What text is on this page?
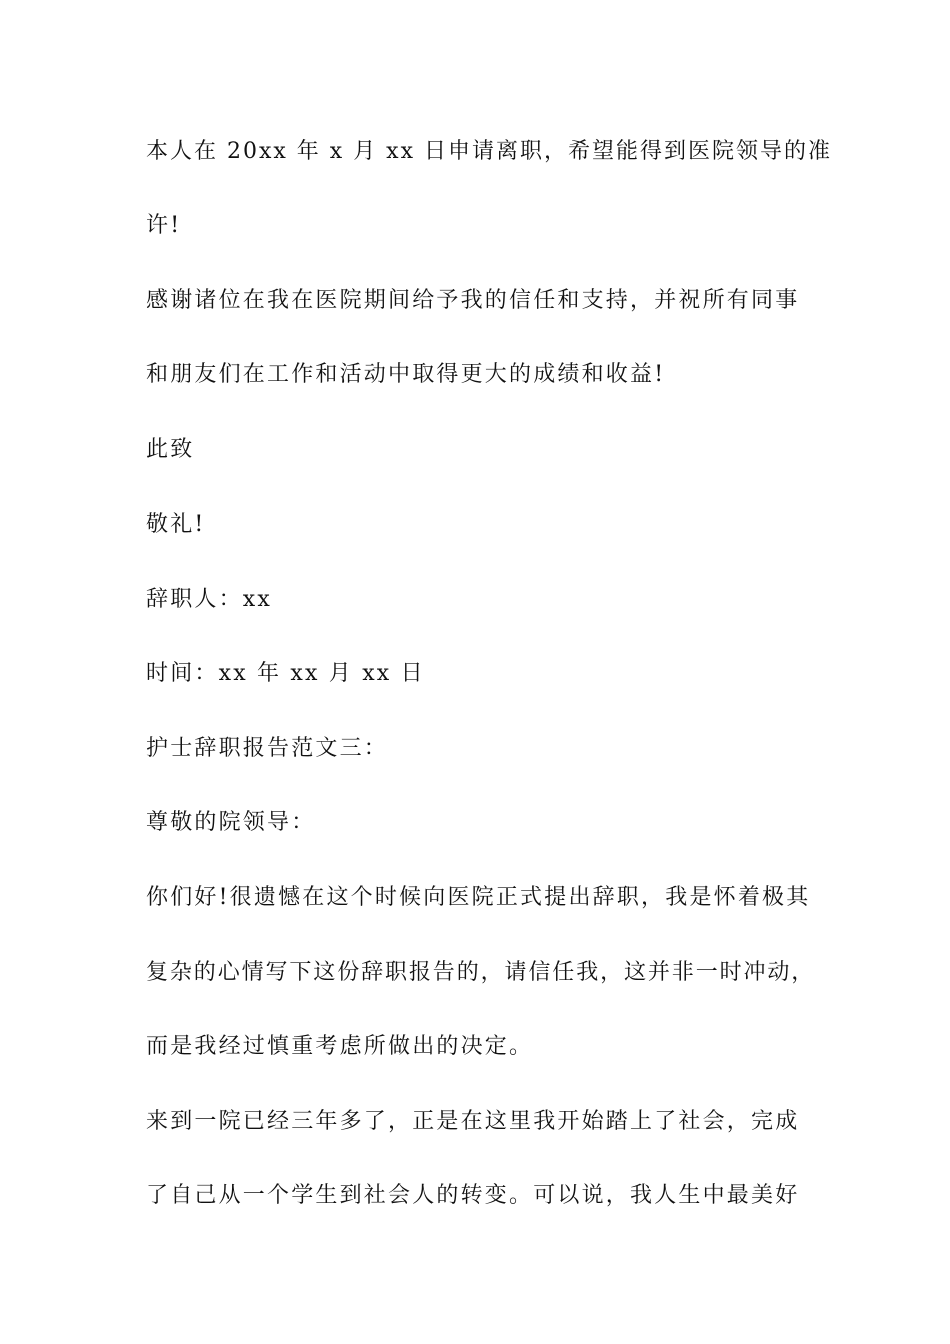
本人在 20xx 年 x 月 xx 日申请离职，希望能得到医院领导的准
许!
感谢诸位在我在医院期间给予我的信任和支持，并祝所有同事
和朋友们在工作和活动中取得更大的成绩和收益!
此致
敬礼!
辞职人：xx
时间：xx 年 xx 月 xx 日
护士辞职报告范文三：
尊敬的院领导：
你们好!很遗憾在这个时候向医院正式提出辞职，我是怀着极其
复杂的心情写下这份辞职报告的，请信任我，这并非一时冲动，
而是我经过慎重考虑所做出的决定。
来到一院已经三年多了，正是在这里我开始踏上了社会，完成
了自己从一个学生到社会人的转变。可以说，我人生中最美好
